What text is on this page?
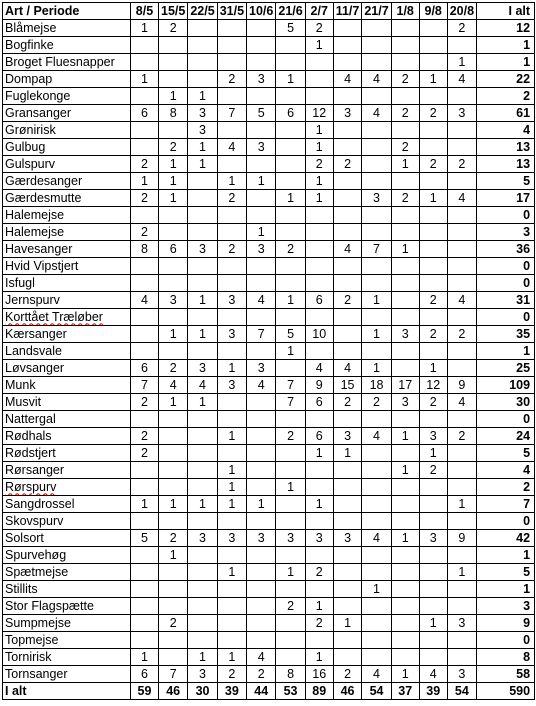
Art / Periode	8/5	15/5	22/5	31/5	10/6	21/6	2/7	11/7	21/7	1/8	9/8	20/8	I alt
Blåmejse	1	2				5	2					2	12
Bogfinke							1						1
Broget Fluesnapper												1	1
Dompap	1			2	3	1		4	4	2	1	4	22
Fuglekonge		1	1										2
Gransanger	6	8	3	7	5	6	12	3	4	2	2	3	61
Grønirisk			3				1						4
Gulbug		2	1	4	3		1			2			13
Gulspurv	2	1	1				2	2		1	2	2	13
Gærdesanger	1	1		1	1		1						5
Gærdesmutte	2	1		2		1	1		3	2	1	4	17
Halemejse													0
Halemejse	2				1								3
Havesanger	8	6	3	2	3	2		4	7	1			36
Hvid Vipstjert													0
Isfugl													0
Jernspurv	4	3	1	3	4	1	6	2	1		2	4	31
Korttået Træløber													0
Kærsanger		1	1	3	7	5	10		1	3	2	2	35
Landsvale						1							1
Løvsanger	6	2	3	1	3		4	4	1		1		25
Munk	7	4	4	3	4	7	9	15	18	17	12	9	109
Musvit	2	1	1			7	6	2	2	3	2	4	30
Nattergal													0
Rødhals	2			1		2	6	3	4	1	3	2	24
Rødstjert	2						1	1			1		5
Rørsanger				1						1	2		4
Rørspurv				1		1							2
Sangdrossel	1	1	1	1	1		1					1	7
Skovspurv													0
Solsort	5	2	3	3	3	3	3	3	4	1	3	9	42
Spurvehøg		1											1
Spætmejse				1		1	2					1	5
Stillits									1				1
Stor Flagspætte						2	1						3
Sumpmejse		2					2	1			1	3	9
Topmejse													0
Tornirisk	1		1	1	4		1						8
Tornsanger	6	7	3	2	2	8	16	2	4	1	4	3	58
I alt	59	46	30	39	44	53	89	46	54	37	39	54	590
